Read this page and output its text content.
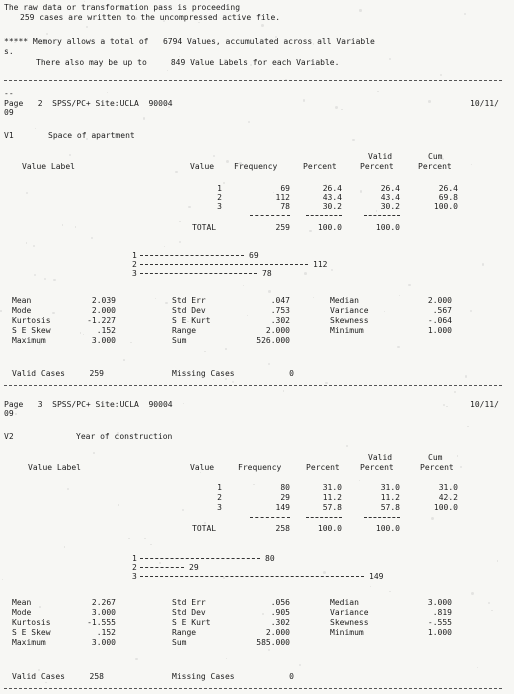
The raw data or transformation pass is proceeding
259 cases are written to the uncompressed active file.
***** Memory allows a total of   6794 Values, accumulated across all Variable
s.
There also may be up to     849 Value Labels for each Variable.
--
Page   2  SPSS/PC+ Site:UCLA  90004	10/11/
09
V1	Space of apartment
Valid	Cum
Value Label	Value Frequency	Percent	Percent	Percent
1	69	26.4	26.4	26.4
2	112	43.4	43.4	69.8
3	78	30.2	30.2	100.0
TOTAL	259	100.0	100.0
1	69
2	112
3	78
Mean	2.039	Std Err	.047	Median	2.000
Mode	2.000	Std Dev	.753	Variance	.567
Kurtosis	-1.227	S E Kurt	.302	Skewness	-.064
S E Skew	.152	Range	2.000	Minimum	1.000
Maximum	3.000	Sum	526.000
Valid Cases	259	Missing Cases	0
Page   3  SPSS/PC+ Site:UCLA  90004	10/11/
09
V2	Year of construction
Valid	Cum
Value Label	Value	Frequency	Percent	Percent	Percent
1	80	31.0	31.0	31.0
2	29	11.2	11.2	42.2
3	149	57.8	57.8	100.0
TOTAL	258	100.0	100.0
1	80
2	29
3	149
Mean	2.267	Std Err	.056	Median	3.000
Mode	3.000	Std Dev	.905	Variance	.819
Kurtosis	-1.555	S E Kurt	.302	Skewness	-.555
S E Skew	.152	Range	2.000	Minimum	1.000
Maximum	3.000	Sum	585.000
Valid Cases	258	Missing Cases	0
